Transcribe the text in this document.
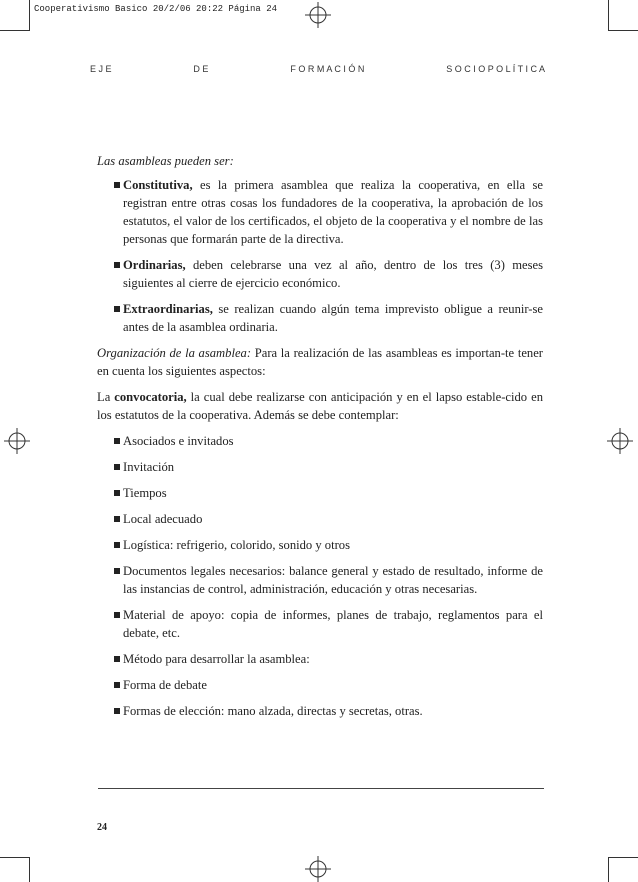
Cooperativismo Basico 20/2/06 20:22 Página 24
E J E	D E	F O R M A C I Ó N	S O C I O P O L Í T I C A

Las asambleas pueden ser:

Constitutiva, es la primera asamblea que realiza la cooperativa, en ella se registran entre otras cosas los fundadores de la cooperativa, la aprobación de los estatutos, el valor de los certificados, el objeto de la cooperativa y el nombre de las personas que formarán parte de la directiva.
Ordinarias, deben celebrarse una vez al año, dentro de los tres (3) meses siguientes al cierre de ejercicio económico.
Extraordinarias, se realizan cuando algún tema imprevisto obligue a reunir-se antes de la asamblea ordinaria.

Organización de la asamblea: Para la realización de las asambleas es importan-te tener en cuenta los siguientes aspectos:

La convocatoria, la cual debe realizarse con anticipación y en el lapso estable-cido en los estatutos de la cooperativa. Además se debe contemplar:

Asociados e invitados
Invitación
Tiempos
Local adecuado
Logística: refrigerio, colorido, sonido y otros
Documentos legales necesarios: balance general y estado de resultado, informe de las instancias de control, administración, educación y otras necesarias.
Material de apoyo: copia de informes, planes de trabajo, reglamentos para el debate, etc.
Método para desarrollar la asamblea:
Forma de debate
Formas de elección: mano alzada, directas y secretas, otras.
24
